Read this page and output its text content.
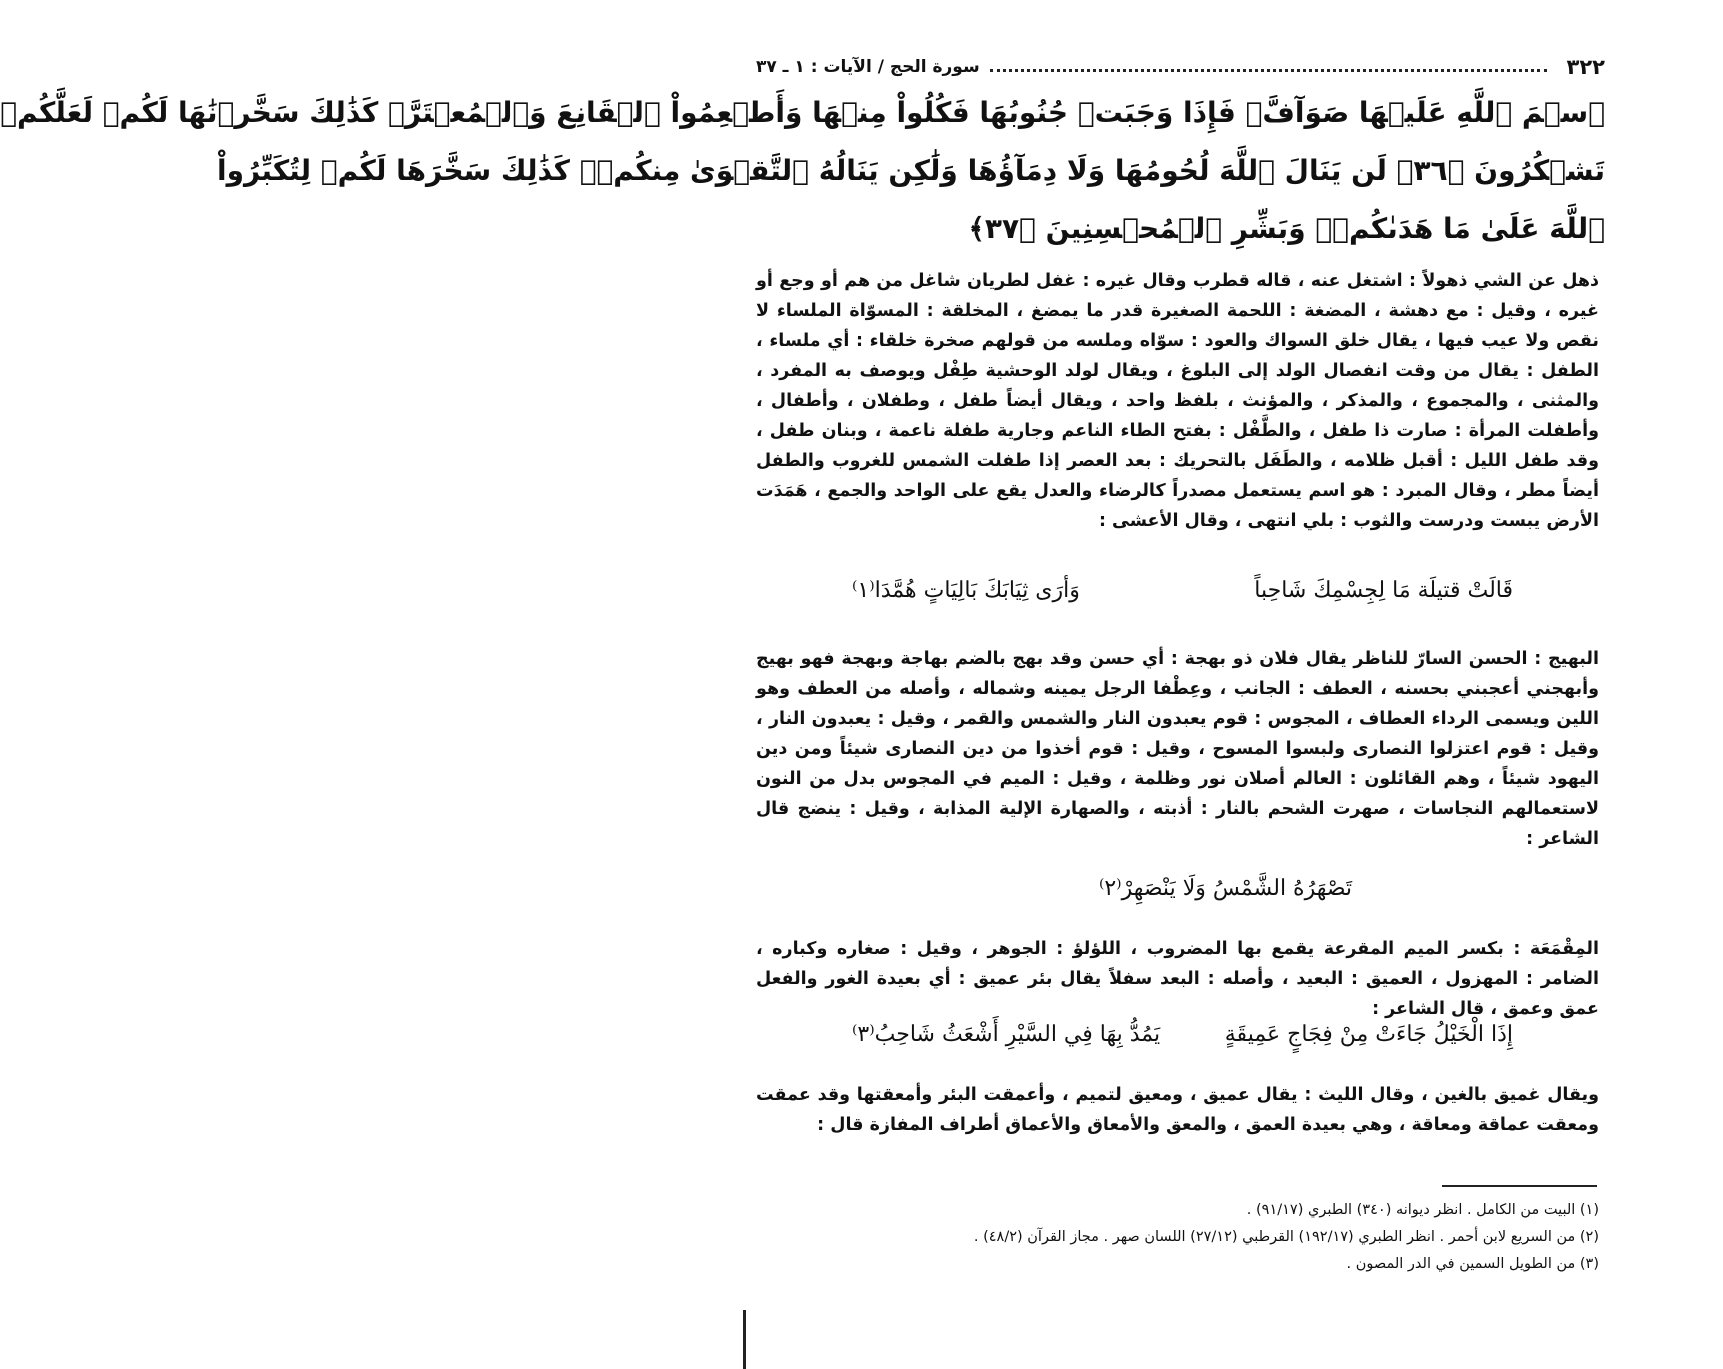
٣٢٢
سورة الحج / الآيات : ١ ـ ٣٧
ٱسۡمَ ٱللَّهِ عَلَيۡهَا صَوَآفَّۖ فَإِذَا وَجَبَتۡ جُنُوبُهَا فَكُلُواْ مِنۡهَا وَأَطۡعِمُواْ ٱلۡقَانِعَ وَٱلۡمُعۡتَرَّۚ كَذَٰلِكَ سَخَّرۡنَٰهَا لَكُمۡ لَعَلَّكُمۡ
تَشۡكُرُونَ ﴿٣٦﴾ لَن يَنَالَ ٱللَّهَ لُحُومُهَا وَلَا دِمَآؤُهَا وَلَٰكِن يَنَالُهُ ٱلتَّقۡوَىٰ مِنكُمۡۚ كَذَٰلِكَ سَخَّرَهَا لَكُمۡ لِتُكَبِّرُواْ
ٱللَّهَ عَلَىٰ مَا هَدَىٰكُمۡۗ وَبَشِّرِ ٱلۡمُحۡسِنِينَ ﴿٣٧﴾

ذهل عن الشي ذهولاً : اشتغل عنه ، قاله قطرب وقال غيره : غفل لطريان شاغل من هم أو وجع أو غيره ، وقيل : مع دهشة ، المضغة : اللحمة الصغيرة قدر ما يمضغ ، المخلقة : المسوّاة الملساء لا نقص ولا عيب فيها ، يقال خلق السواك والعود : سوّاه وملسه من قولهم صخرة خلقاء : أي ملساء ، الطفل : يقال من وقت انفصال الولد إلى البلوغ ، ويقال لولد الوحشية طِفْل ويوصف به المفرد ، والمثنى ، والمجموع ، والمذكر ، والمؤنث ، بلفظ واحد ، ويقال أيضاً طفل ، وطفلان ، وأطفال ، وأطفلت المرأة : صارت ذا طفل ، والطَّفْل : بفتح الطاء الناعم وجارية طفلة ناعمة ، وبنان طفل ، وقد طفل الليل : أقبل ظلامه ، والطَفَل بالتحريك : بعد العصر إذا طفلت الشمس للغروب والطفل أيضاً مطر ، وقال المبرد : هو اسم يستعمل مصدراً كالرضاء والعدل يقع على الواحد والجمع ، هَمَدَت الأرض يبست ودرست والثوب : بلي انتهى ، وقال الأعشى :

قَالَتْ قتيلَة مَا لِجِسْمِكَ شَاحِباً
وَأرَى ثِيَابَكَ بَالِيَاتٍ هُمَّدَا⁽١⁾

البهيج : الحسن السارّ للناظر يقال فلان ذو بهجة : أي حسن وقد بهج بالضم بهاجة وبهجة فهو بهيج وأبهجني أعجبني بحسنه ، العطف : الجانب ، وعِطْفا الرجل يمينه وشماله ، وأصله من العطف وهو اللين ويسمى الرداء العطاف ، المجوس : قوم يعبدون النار والشمس والقمر ، وقيل : يعبدون النار ، وقيل : قوم اعتزلوا النصارى ولبسوا المسوح ، وقيل : قوم أخذوا من دين النصارى شيئاً ومن دين اليهود شيئاً ، وهم القائلون : العالم أصلان نور وظلمة ، وقيل : الميم في المجوس بدل من النون لاستعمالهم النجاسات ، صهرت الشحم بالنار : أذبته ، والصهارة الإلية المذابة ، وقيل : ينضج قال الشاعر :

تَصْهَرُهُ الشَّمْسُ وَلَا يَنْصَهِرْ⁽٢⁾

المِقْمَعَة : بكسر الميم المقرعة يقمع بها المضروب ، اللؤلؤ : الجوهر ، وقيل : صغاره وكباره ، الضامر : المهزول ، العميق : البعيد ، وأصله : البعد سفلاً يقال بئر عميق : أي بعيدة الغور والفعل عمق وعمق ، قال الشاعر :

إِذَا الْخَيْلُ جَاءَتْ مِنْ فِجَاجٍ عَمِيقَةٍ
يَمُدُّ بِهَا فِي السَّيْرِ أَشْعَثُ شَاحِبُ⁽٣⁾

ويقال غميق بالغين ، وقال الليث : يقال عميق ، ومعيق لتميم ، وأعمقت البئر وأمعقتها وقد عمقت ومعقت عماقة ومعاقة ، وهي بعيدة العمق ، والمعق والأمعاق والأعماق أطراف المفازة قال :

(١) البيت من الكامل . انظر ديوانه (٣٤٠) الطبري (٩١/١٧) .
(٢) من السريع لابن أحمر . انظر الطبري (١٩٢/١٧) القرطبي (٢٧/١٢) اللسان صهر . مجاز القرآن (٤٨/٢) .
(٣) من الطويل السمين في الدر المصون .
